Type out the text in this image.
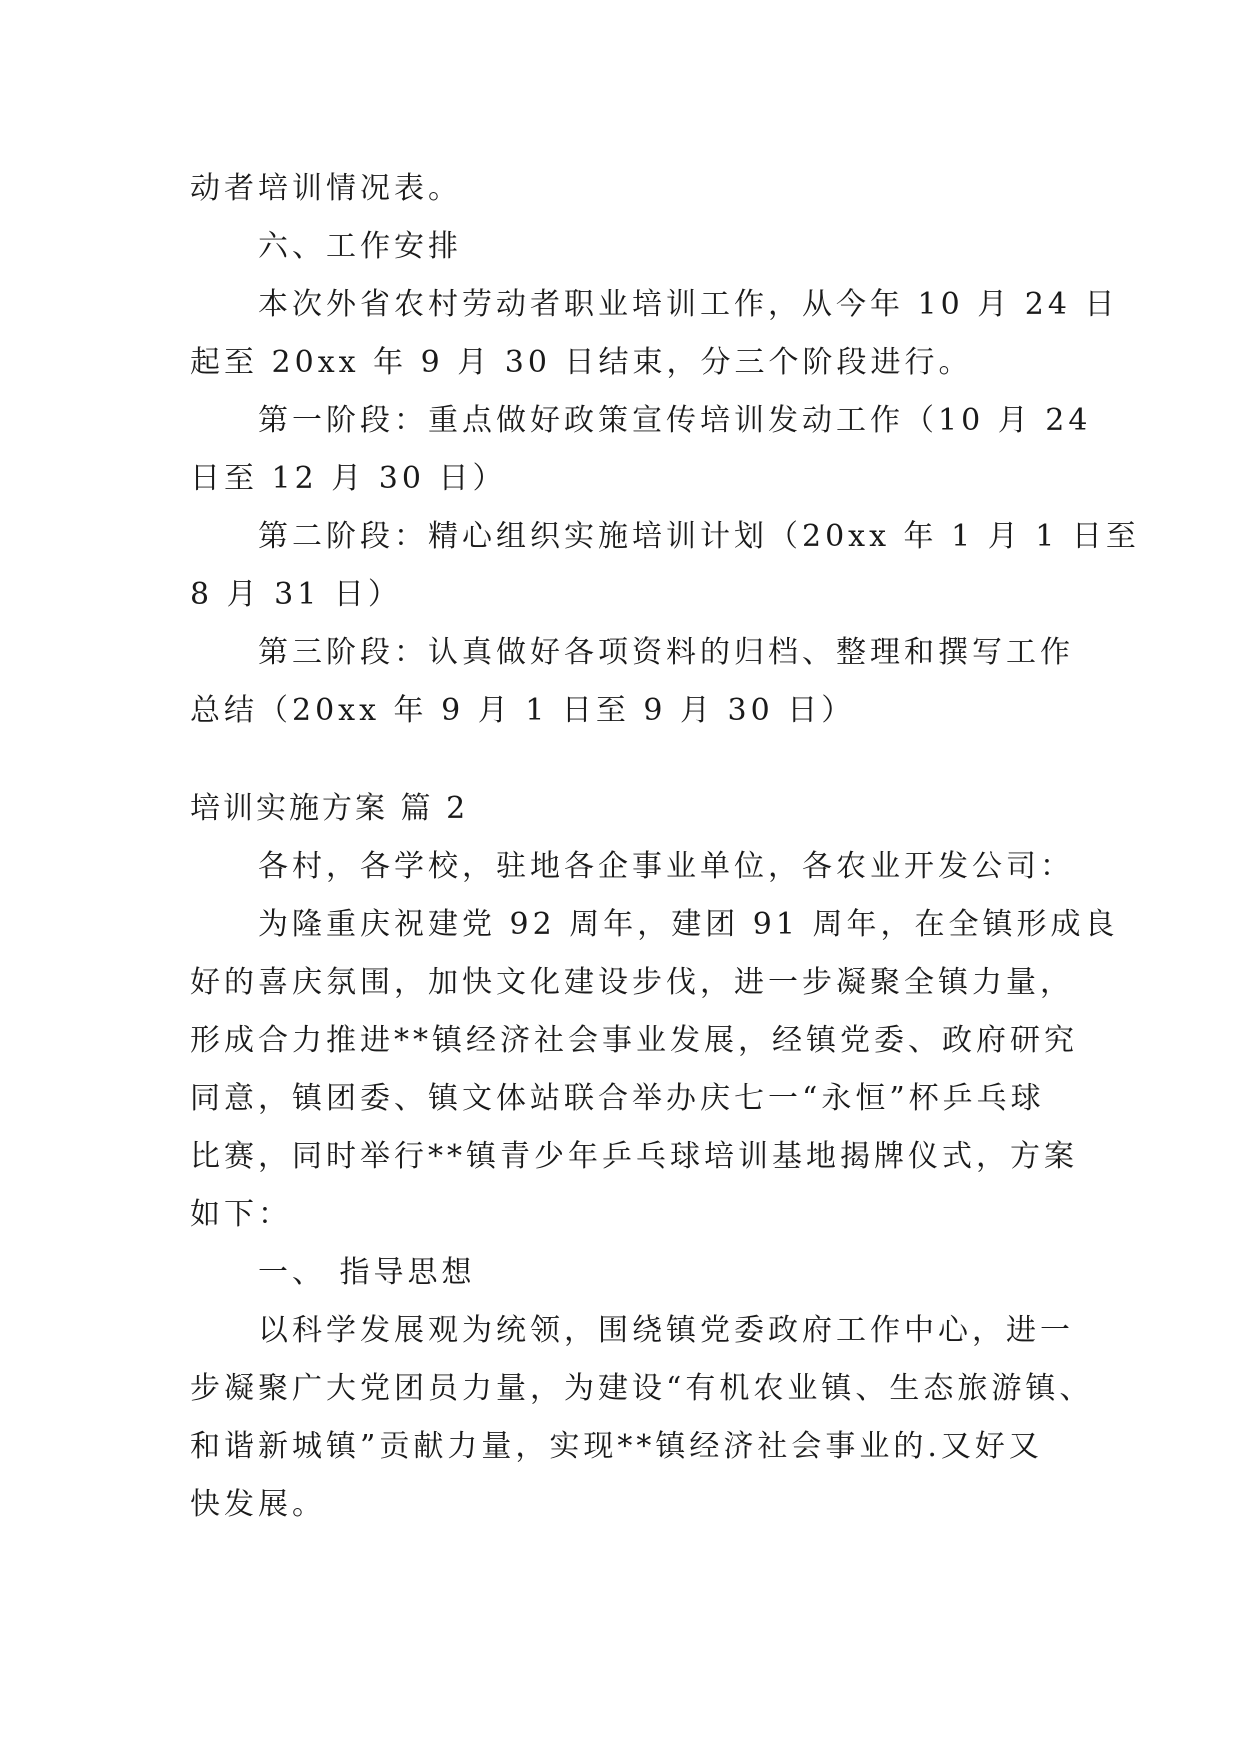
动者培训情况表。

六、工作安排

本次外省农村劳动者职业培训工作，从今年 10 月 24 日

起至 20xx 年 9 月 30 日结束，分三个阶段进行。

第一阶段：重点做好政策宣传培训发动工作（10 月 24

日至 12 月 30 日）

第二阶段：精心组织实施培训计划（20xx 年 1 月 1 日至

8 月 31 日）

第三阶段：认真做好各项资料的归档、整理和撰写工作

总结（20xx 年 9 月 1 日至 9 月 30 日）

培训实施方案 篇 2

各村，各学校，驻地各企事业单位，各农业开发公司：

为隆重庆祝建党 92 周年，建团 91 周年，在全镇形成良

好的喜庆氛围，加快文化建设步伐，进一步凝聚全镇力量，

形成合力推进**镇经济社会事业发展，经镇党委、政府研究

同意，镇团委、镇文体站联合举办庆七一“永恒”杯乒乓球

比赛，同时举行**镇青少年乒乓球培训基地揭牌仪式，方案

如下：

一、 指导思想

以科学发展观为统领，围绕镇党委政府工作中心，进一

步凝聚广大党团员力量，为建设“有机农业镇、生态旅游镇、

和谐新城镇”贡献力量，实现**镇经济社会事业的.又好又

快发展。
